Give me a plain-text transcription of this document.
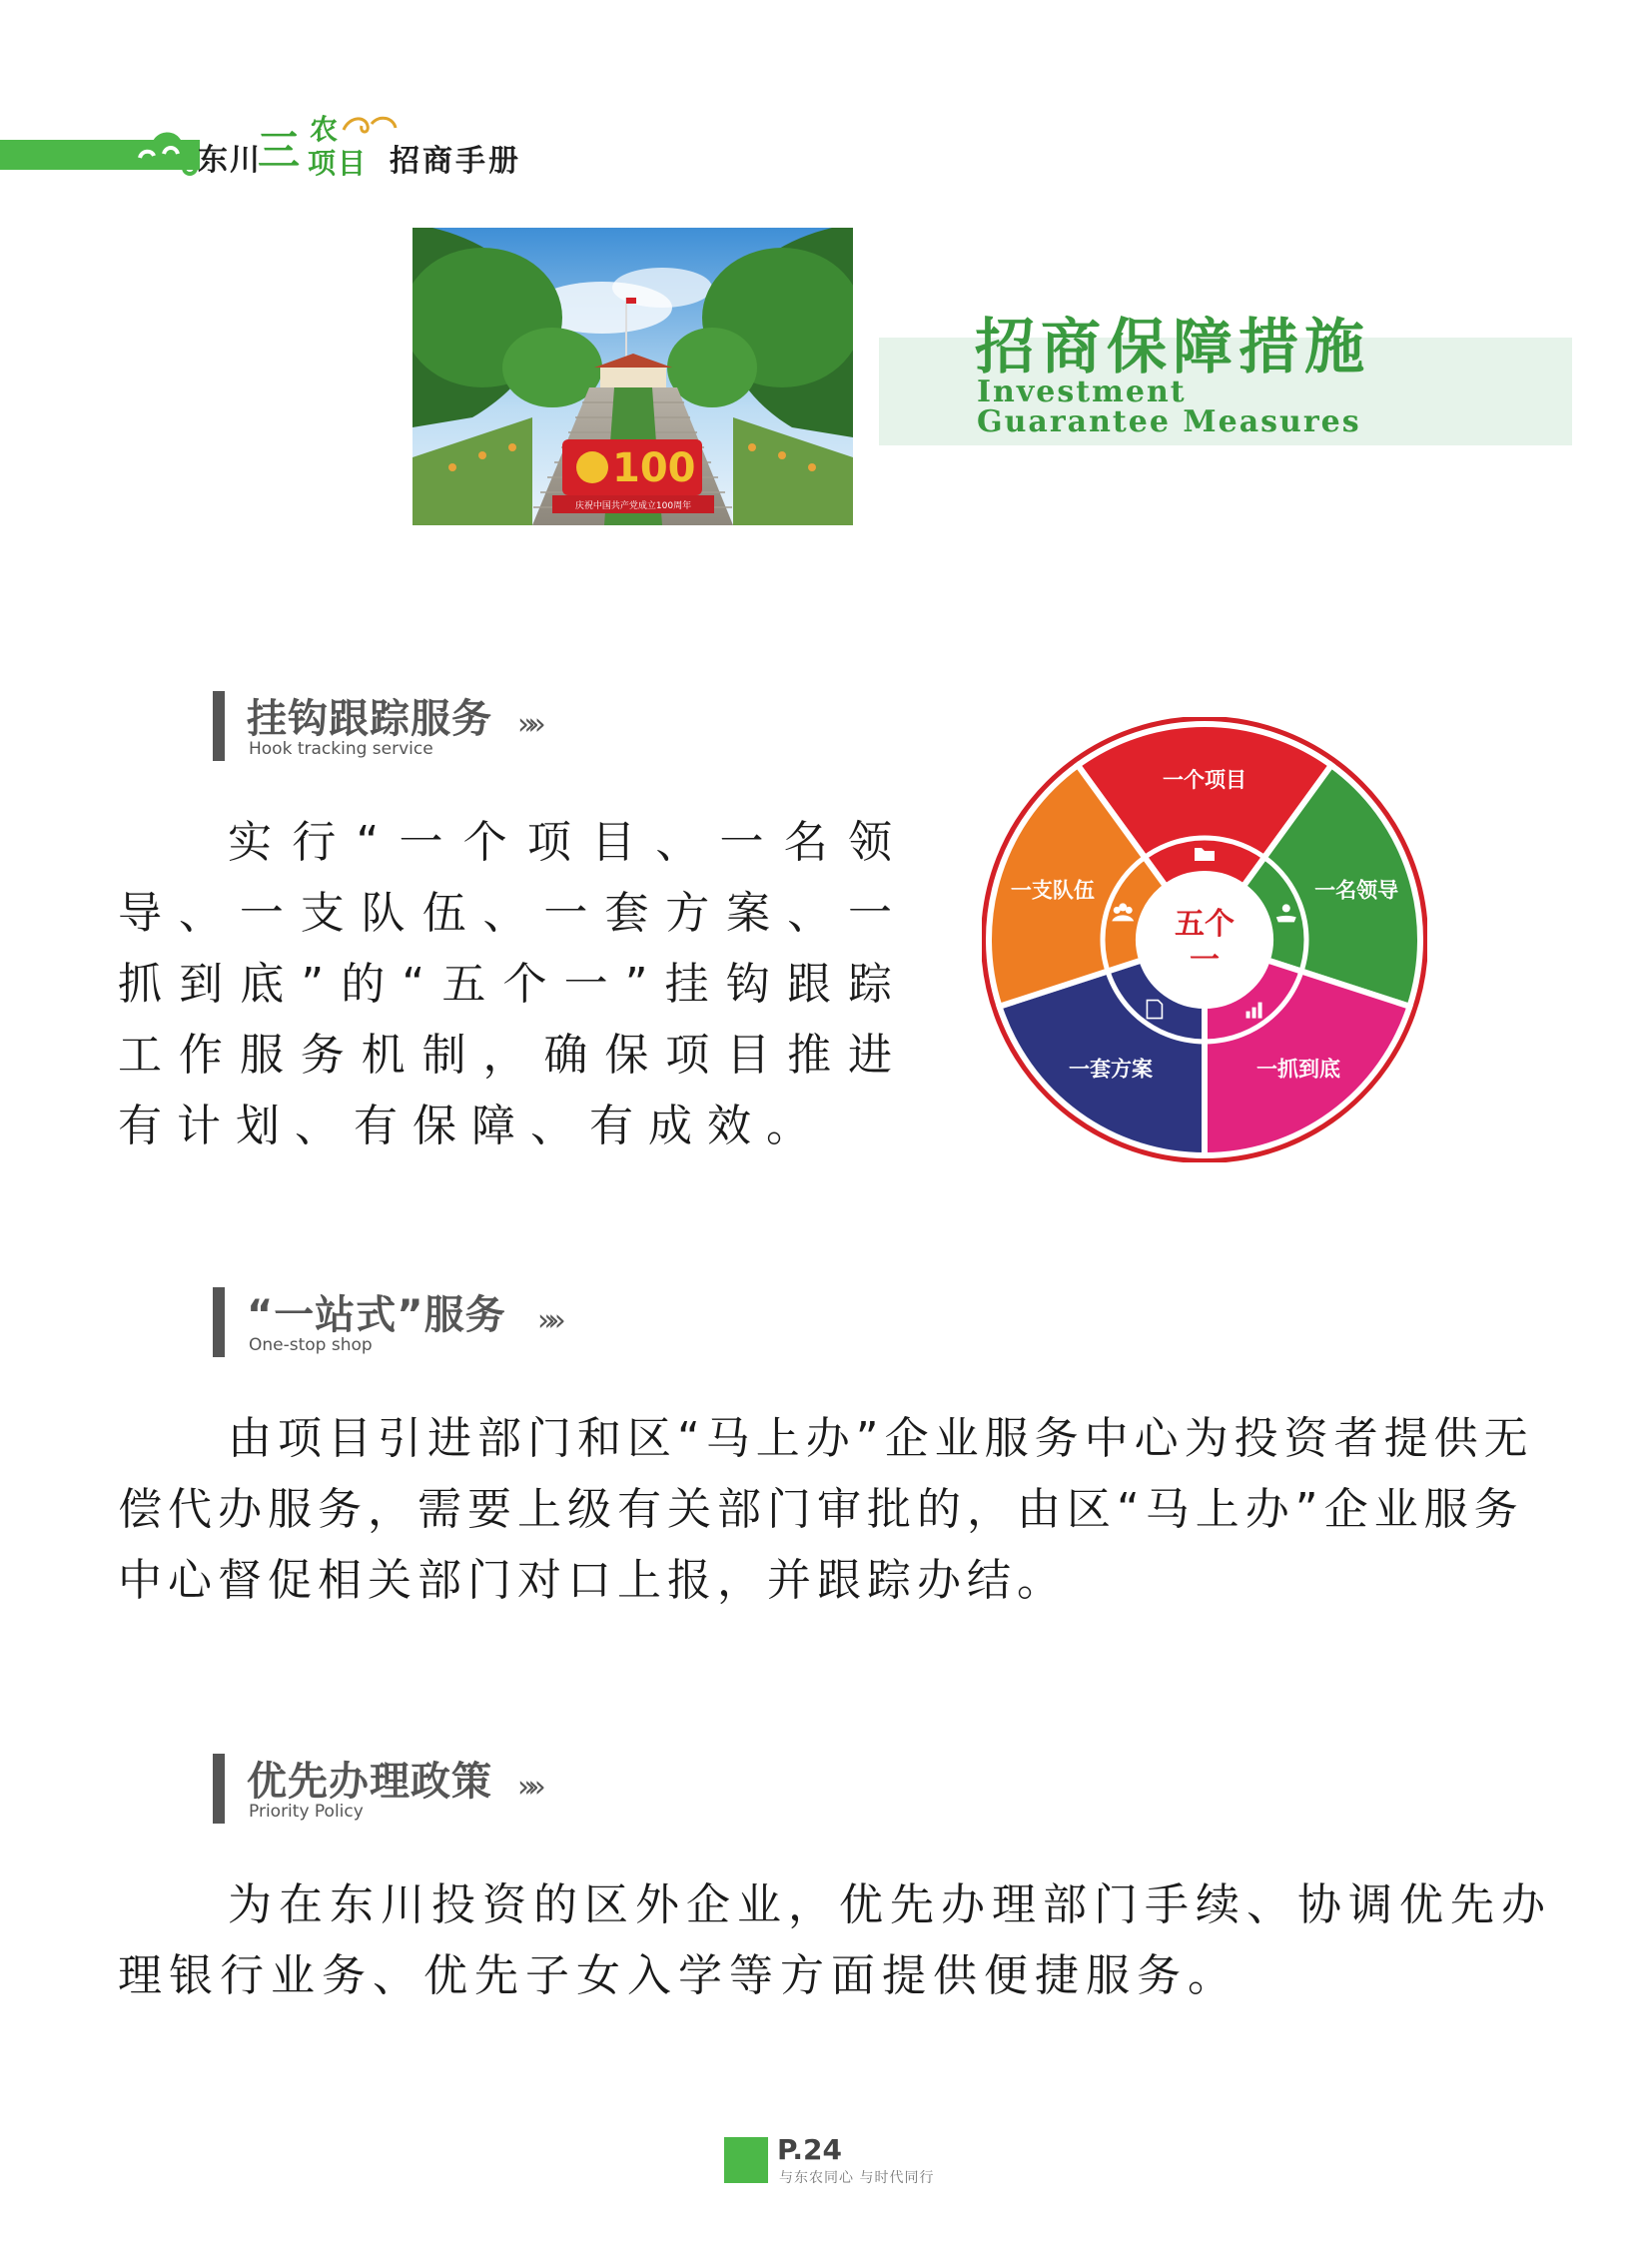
东川
三 农
项目 招商手册
100
庆祝中国共产党成立100周年
招商保障措施
Investment Guarantee Measures
挂钩跟踪服务
Hook tracking service
»»
实行“一个项目、一名领导、一支队伍、一套方案、一抓到底”的“五个一”挂钩跟踪工作服务机制，确保项目推进有计划、有保障、有成效。
一个项目
一名领导
一抓到底
一套方案
一支队伍
五个
一
“一站式”服务
One-stop shop
»»
由项目引进部门和区“马上办”企业服务中心为投资者提供无偿代办服务，需要上级有关部门审批的，由区“马上办”企业服务中心督促相关部门对口上报，并跟踪办结。
优先办理政策
Priority Policy
»»
为在东川投资的区外企业，优先办理部门手续、协调优先办理银行业务、优先子女入学等方面提供便捷服务。
P.24
与东农同心 与时代同行
